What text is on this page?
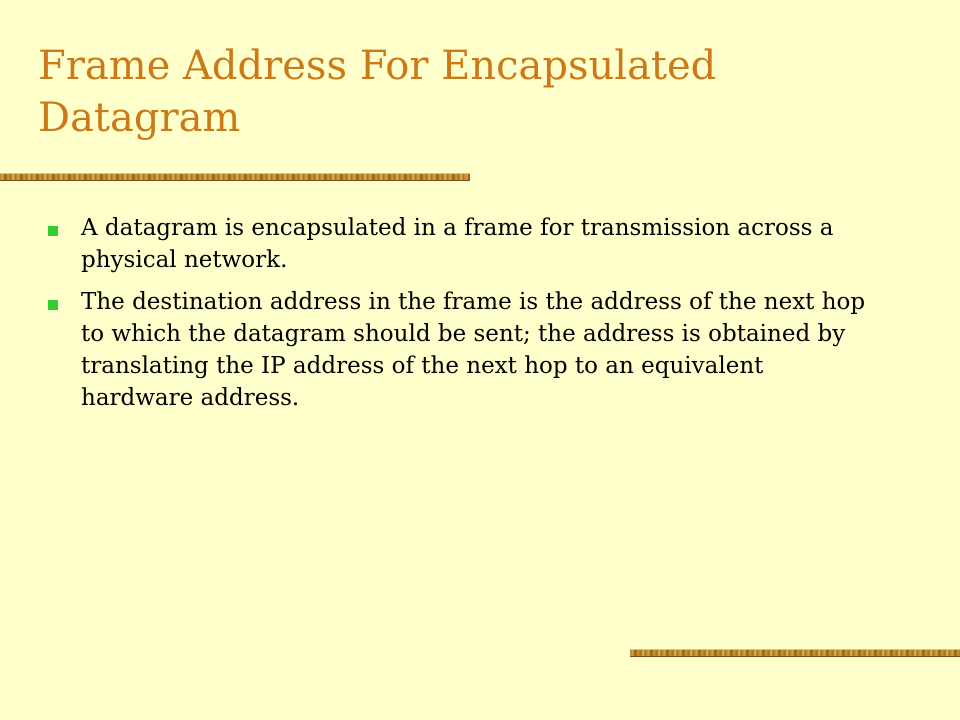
Frame Address For Encapsulated Datagram
A datagram is encapsulated in a frame for transmission across a physical network.
The destination address in the frame is the address of the next hop to which the datagram should be sent; the address is obtained by translating the IP address of the next hop to an equivalent hardware address.
